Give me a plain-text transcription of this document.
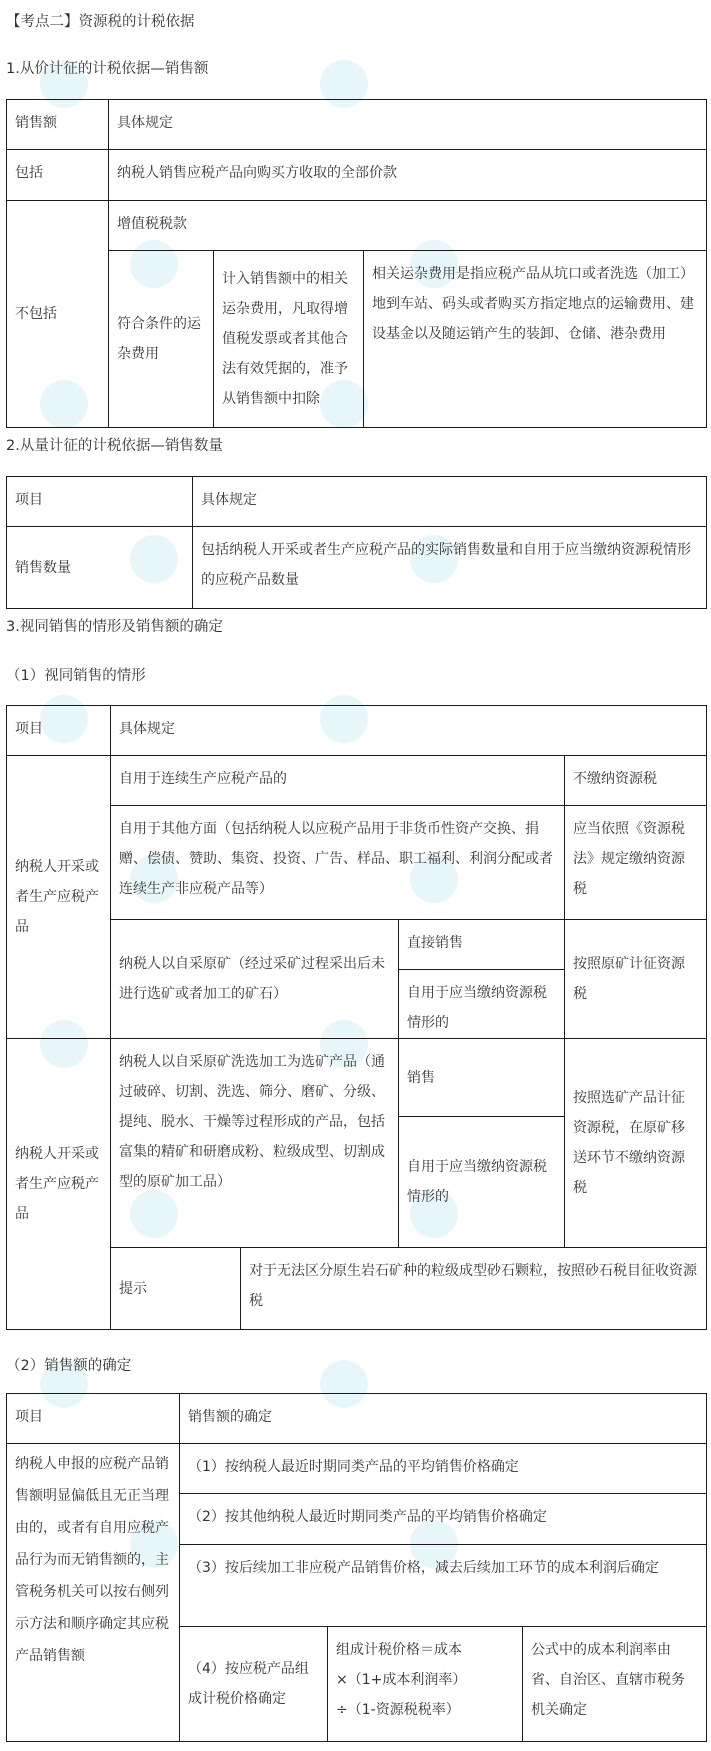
【考点二】资源税的计税依据
1.从价计征的计税依据—销售额
销售额	具体规定		
包括	纳税人销售应税产品向购买方收取的全部价款		
不包括	增值税税款		
	符合条件的运杂费用	计入销售额中的相关运杂费用，凡取得增值税发票或者其他合法有效凭据的，准予从销售额中扣除	相关运杂费用是指应税产品从坑口或者洗选（加工）地到车站、码头或者购买方指定地点的运输费用、建设基金以及随运销产生的装卸、仓储、港杂费用
2.从量计征的计税依据—销售数量
项目	具体规定
销售数量	包括纳税人开采或者生产应税产品的实际销售数量和自用于应当缴纳资源税情形的应税产品数量
3.视同销售的情形及销售额的确定
（1）视同销售的情形
项目	具体规定			
纳税人开采或者生产应税产品	自用于连续生产应税产品的			不缴纳资源税
	自用于其他方面（包括纳税人以应税产品用于非货币性资产交换、捐赠、偿债、赞助、集资、投资、广告、样品、职工福利、利润分配或者连续生产非应税产品等）			应当依照《资源税法》规定缴纳资源税
	纳税人以自采原矿（经过采矿过程采出后未进行选矿或者加工的矿石）		直接销售	按照原矿计征资源税
			自用于应当缴纳资源税情形的	
纳税人开采或者生产应税产品	纳税人以自采原矿洗选加工为选矿产品（通过破碎、切割、洗选、筛分、磨矿、分级、提纯、脱水、干燥等过程形成的产品，包括富集的精矿和研磨成粉、粒级成型、切割成型的原矿加工品）		销售	按照选矿产品计征资源税，在原矿移送环节不缴纳资源税
			自用于应当缴纳资源税情形的	
	提示	对于无法区分原生岩石矿种的粒级成型砂石颗粒，按照砂石税目征收资源税		
（2）销售额的确定
项目	销售额的确定		
纳税人申报的应税产品销售额明显偏低且无正当理由的，或者有自用应税产品行为而无销售额的，主管税务机关可以按右侧列示方法和顺序确定其应税产品销售额	（1）按纳税人最近时期同类产品的平均销售价格确定		
	（2）按其他纳税人最近时期同类产品的平均销售价格确定		
	（3）按后续加工非应税产品销售价格，减去后续加工环节的成本利润后确定		
	（4）按应税产品组成计税价格确定	组成计税价格＝成本
×（1+成本利润率）
÷（1-资源税税率）	公式中的成本利润率由省、自治区、直辖市税务机关确定
